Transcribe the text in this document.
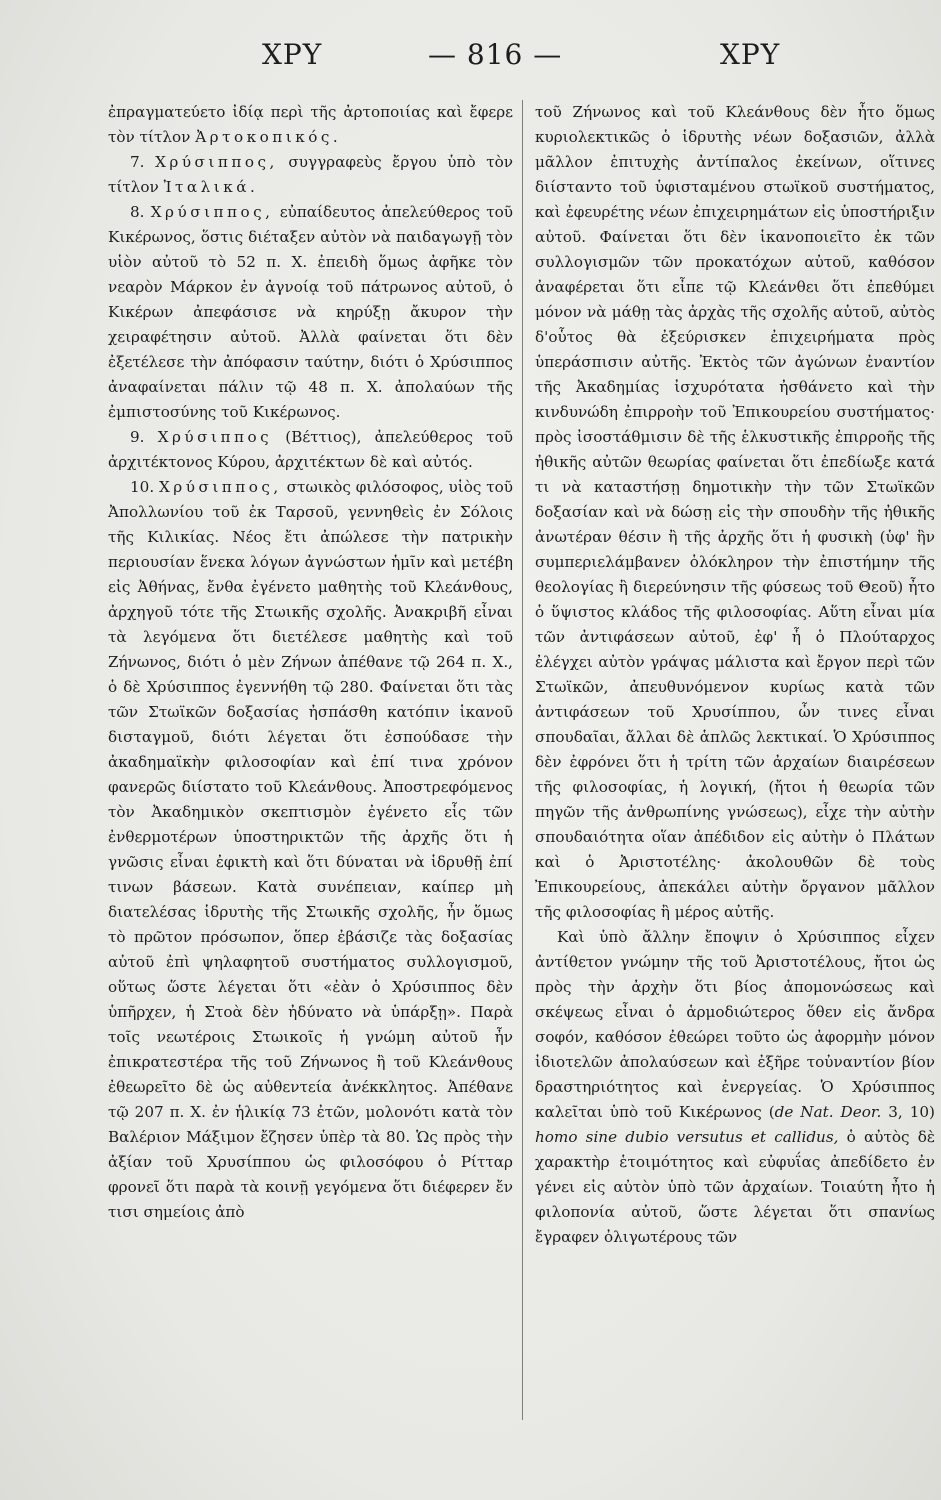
ΧΡΥ	— 816 —	ΧΡΥ

ἐπραγματεύετο ἰδίᾳ περὶ τῆς ἀρτοποιίας καὶ ἔφερε τὸν τίτλον Ἀρτοκοπικός.

7. Χρύσιππος, συγγραφεὺς ἔργου ὑπὸ τὸν τίτλον Ἰταλικά.

8. Χρύσιππος, εὐπαίδευτος ἀπελεύθερος τοῦ Κικέρωνος, ὅστις διέταξεν αὐτὸν νὰ παιδαγωγῇ τὸν υἱὸν αὐτοῦ τὸ 52 π. Χ. ἐπειδὴ ὅμως ἀφῆκε τὸν νεαρὸν Μάρκον ἐν ἀγνοίᾳ τοῦ πάτρωνος αὐτοῦ, ὁ Κικέρων ἀπεφάσισε νὰ κηρύξῃ ἄκυρον τὴν χειραφέτησιν αὐτοῦ. Ἀλλὰ φαίνεται ὅτι δὲν ἐξετέλεσε τὴν ἀπόφασιν ταύτην, διότι ὁ Χρύσιππος ἀναφαίνεται πάλιν τῷ 48 π. Χ. ἀπολαύων τῆς ἐμπιστοσύνης τοῦ Κικέρωνος.

9. Χρύσιππος (Βέττιος), ἀπελεύθερος τοῦ ἀρχιτέκτονος Κύρου, ἀρχιτέκτων δὲ καὶ αὐτός.

10. Χρύσιππος, στωικὸς φιλόσοφος, υἱὸς τοῦ Ἀπολλωνίου τοῦ ἐκ Ταρσοῦ, γεννηθεὶς ἐν Σόλοις τῆς Κιλικίας. Νέος ἔτι ἀπώλεσε τὴν πατρικὴν περιουσίαν ἕνεκα λόγων ἀγνώστων ἡμῖν καὶ μετέβη εἰς Ἀθήνας, ἔνθα ἐγένετο μαθητὴς τοῦ Κλεάνθους, ἀρχηγοῦ τότε τῆς Στωικῆς σχολῆς. Ἀνακριβῆ εἶναι τὰ λεγόμενα ὅτι διετέλεσε μαθητὴς καὶ τοῦ Ζήνωνος, διότι ὁ μὲν Ζήνων ἀπέθανε τῷ 264 π. Χ., ὁ δὲ Χρύσιππος ἐγεννήθη τῷ 280. Φαίνεται ὅτι τὰς τῶν Στωϊκῶν δοξασίας ἠσπάσθη κατόπιν ἱκανοῦ δισταγμοῦ, διότι λέγεται ὅτι ἐσπούδασε τὴν ἀκαδημαϊκὴν φιλοσοφίαν καὶ ἐπί τινα χρόνον φανερῶς διίστατο τοῦ Κλεάνθους. Ἀποστρεφόμενος τὸν Ἀκαδημικὸν σκεπτισμὸν ἐγένετο εἷς τῶν ἐνθερμοτέρων ὑποστηρικτῶν τῆς ἀρχῆς ὅτι ἡ γνῶσις εἶναι ἐφικτὴ καὶ ὅτι δύναται νὰ ἱδρυθῇ ἐπί τινων βάσεων. Κατὰ συνέπειαν, καίπερ μὴ διατελέσας ἱδρυτὴς τῆς Στωικῆς σχολῆς, ἦν ὅμως τὸ πρῶτον πρόσωπον, ὅπερ ἐβάσιζε τὰς δοξασίας αὐτοῦ ἐπὶ ψηλαφητοῦ συστήματος συλλογισμοῦ, οὕτως ὥστε λέγεται ὅτι «ἐὰν ὁ Χρύσιππος δὲν ὑπῆρχεν, ἡ Στοὰ δὲν ἠδύνατο νὰ ὑπάρξῃ». Παρὰ τοῖς νεωτέροις Στωικοῖς ἡ γνώμη αὐτοῦ ἦν ἐπικρατεστέρα τῆς τοῦ Ζήνωνος ἢ τοῦ Κλεάνθους ἐθεωρεῖτο δὲ ὡς αὐθεντεία ἀνέκκλητος. Ἀπέθανε τῷ 207 π. Χ. ἐν ἡλικίᾳ 73 ἐτῶν, μολονότι κατὰ τὸν Βαλέριον Μάξιμον ἔζησεν ὑπὲρ τὰ 80. Ὡς πρὸς τὴν ἀξίαν τοῦ Χρυσίππου ὡς φιλοσόφου ὁ Ρίτταρ φρονεῖ ὅτι παρὰ τὰ κοινῇ γεγόμενα ὅτι διέφερεν ἔν τισι σημείοις ἀπὸ

τοῦ Ζήνωνος καὶ τοῦ Κλεάνθους δὲν ἦτο ὅμως κυριολεκτικῶς ὁ ἱδρυτὴς νέων δοξασιῶν, ἀλλὰ μᾶλλον ἐπιτυχὴς ἀντίπαλος ἐκείνων, οἵτινες διίσταντο τοῦ ὑφισταμένου στωϊκοῦ συστήματος, καὶ ἐφευρέτης νέων ἐπιχειρημάτων εἰς ὑποστήριξιν αὐτοῦ. Φαίνεται ὅτι δὲν ἱκανοποιεῖτο ἐκ τῶν συλλογισμῶν τῶν προκατόχων αὐτοῦ, καθόσον ἀναφέρεται ὅτι εἶπε τῷ Κλεάνθει ὅτι ἐπεθύμει μόνον νὰ μάθῃ τὰς ἀρχὰς τῆς σχολῆς αὐτοῦ, αὐτὸς δ'οὗτος θὰ ἐξεύρισκεν ἐπιχειρήματα πρὸς ὑπεράσπισιν αὐτῆς. Ἐκτὸς τῶν ἀγώνων ἐναντίον τῆς Ἀκαδημίας ἰσχυρότατα ἠσθάνετο καὶ τὴν κινδυνώδη ἐπιρροὴν τοῦ Ἐπικουρείου συστήματος· πρὸς ἰσοστάθμισιν δὲ τῆς ἑλκυστικῆς ἐπιρροῆς τῆς ἠθικῆς αὐτῶν θεωρίας φαίνεται ὅτι ἐπεδίωξε κατά τι νὰ καταστήσῃ δημοτικὴν τὴν τῶν Στωϊκῶν δοξασίαν καὶ νὰ δώσῃ εἰς τὴν σπουδὴν τῆς ἠθικῆς ἀνωτέραν θέσιν ἢ τῆς ἀρχῆς ὅτι ἡ φυσικὴ (ὑφ' ἣν συμπεριελάμβανεν ὁλόκληρον τὴν ἐπιστήμην τῆς θεολογίας ἢ διερεύνησιν τῆς φύσεως τοῦ Θεοῦ) ἦτο ὁ ὕψιστος κλάδος τῆς φιλοσοφίας. Αὕτη εἶναι μία τῶν ἀντιφάσεων αὐτοῦ, ἐφ' ἧ ὁ Πλούταρχος ἐλέγχει αὐτὸν γράψας μάλιστα καὶ ἔργον περὶ τῶν Στωϊκῶν, ἀπευθυνόμενον κυρίως κατὰ τῶν ἀντιφάσεων τοῦ Χρυσίππου, ὧν τινες εἶναι σπουδαῖαι, ἄλλαι δὲ ἁπλῶς λεκτικαί. Ὁ Χρύσιππος δὲν ἐφρόνει ὅτι ἡ τρίτη τῶν ἀρχαίων διαιρέσεων τῆς φιλοσοφίας, ἡ λογική, (ἤτοι ἡ θεωρία τῶν πηγῶν τῆς ἀνθρωπίνης γνώσεως), εἶχε τὴν αὐτὴν σπουδαιότητα οἵαν ἀπέδιδον εἰς αὐτὴν ὁ Πλάτων καὶ ὁ Ἀριστοτέλης· ἀκολουθῶν δὲ τοὺς Ἐπικουρείους, ἀπεκάλει αὐτὴν ὄργανον μᾶλλον τῆς φιλοσοφίας ἢ μέρος αὐτῆς.

Καὶ ὑπὸ ἄλλην ἔποψιν ὁ Χρύσιππος εἶχεν ἀντίθετον γνώμην τῆς τοῦ Ἀριστοτέλους, ἤτοι ὡς πρὸς τὴν ἀρχὴν ὅτι βίος ἀπομονώσεως καὶ σκέψεως εἶναι ὁ ἁρμοδιώτερος ὅθεν εἰς ἄνδρα σοφόν, καθόσον ἐθεώρει τοῦτο ὡς ἀφορμὴν μόνον ἰδιοτελῶν ἀπολαύσεων καὶ ἐξῆρε τοὐναντίον βίον δραστηριότητος καὶ ἐνεργείας. Ὁ Χρύσιππος καλεῖται ὑπὸ τοῦ Κικέρωνος (de Nat. Deor. 3, 10) homo sine dubio versutus et callidus, ὁ αὐτὸς δὲ χαρακτὴρ ἑτοιμότητος καὶ εὐφυΐας ἀπεδίδετο ἐν γένει εἰς αὐτὸν ὑπὸ τῶν ἀρχαίων. Τοιαύτη ἦτο ἡ φιλοπονία αὐτοῦ, ὥστε λέγεται ὅτι σπανίως ἔγραφεν ὀλιγωτέρους τῶν
